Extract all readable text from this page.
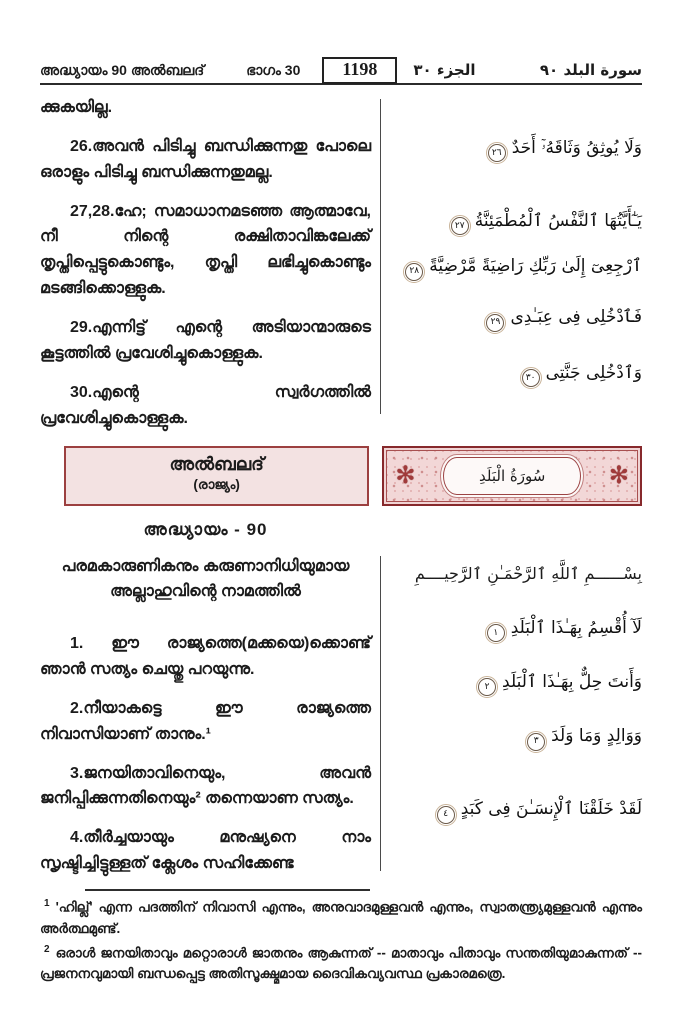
അദ്ധ്യായം 90 അൽബലദ്	ഭാഗം 30	1198	الجزء ٣٠	سورة البلد ٩٠

ക്കുകയില്ല.

26.അവൻ പിടിച്ചു ബന്ധിക്കുന്നതു പോലെ ഒരാളും പിടിച്ചു ബന്ധിക്കുന്നതുമല്ല.

27,28.ഹേ; സമാധാനമടഞ്ഞ ആത്മാവേ, നീ നിന്റെ രക്ഷിതാവിങ്കലേക്ക് തൃപ്തിപ്പെട്ടുകൊണ്ടും, തൃപ്തി ലഭിച്ചുകൊണ്ടും മടങ്ങിക്കൊള്ളുക.

29.എന്നിട്ട് എന്റെ അടിയാന്മാരുടെ കൂട്ടത്തിൽ പ്രവേശിച്ചുകൊള്ളുക.

30.എന്റെ സ്വർഗത്തിൽ പ്രവേശിച്ചുകൊള്ളുക.

وَلَا يُوثِقُ وَثَاقَهُۥٓ أَحَدٌ٢٦
يَـٰٓأَيَّتُهَا ٱلنَّفْسُ ٱلْمُطْمَئِنَّةُ٢٧
ٱرْجِعِىٓ إِلَىٰ رَبِّكِ رَاضِيَةً مَّرْضِيَّةً٢٨
فَٱدْخُلِى فِى عِبَـٰدِى٢٩
وَٱدْخُلِى جَنَّتِى٣٠
അൽബലദ്
(രാജ്യം)	✻	سُورَةُ الْبَلَدِ	✻
അദ്ധ്യായം - 90

പരമകാരുണികനും കരുണാനിധിയുമായ അല്ലാഹുവിന്റെ നാമത്തിൽ

1. ഈ രാജ്യത്തെ(മക്കയെ)ക്കൊണ്ട് ഞാൻ സത്യം ചെയ്തു പറയുന്നു.

2.നീയാകട്ടെ ഈ രാജ്യത്തെ നിവാസിയാണ് താനും.¹

3.ജനയിതാവിനെയും, അവൻ ജനിപ്പിക്കുന്നതിനെയും² തന്നെയാണ സത്യം.

4.തീർച്ചയായും മനുഷ്യനെ നാം സൃഷ്ടിച്ചിട്ടുള്ളത് ക്ലേശം സഹിക്കേണ്ട

بِسْــــــمِ ٱللَّهِ ٱلرَّحْمَـٰنِ ٱلرَّحِيــــمِ
لَآ أُقْسِمُ بِهَـٰذَا ٱلْبَلَدِ١
وَأَنتَ حِلٌّ بِهَـٰذَا ٱلْبَلَدِ٢
وَوَالِدٍ وَمَا وَلَدَ٣
لَقَدْ خَلَقْنَا ٱلْإِنسَـٰنَ فِى كَبَدٍ٤

$^1$ 'ഹില്ല്' എന്ന പദത്തിന് നിവാസി എന്നും, അനുവാദമുള്ളവൻ എന്നും, സ്വാതന്ത്ര്യമുള്ളവൻ എന്നും അർത്ഥമുണ്ട്.

$^2$ ഒരാൾ ജനയിതാവും മറ്റൊരാൾ ജാതനും ആകുന്നത് -- മാതാവും പിതാവും സന്തതിയുമാകുന്നത് -- പ്രജനനവുമായി ബന്ധപ്പെട്ട അതിസൂക്ഷ്മമായ ദൈവികവ്യവസ്ഥ പ്രകാരമത്രെ.
